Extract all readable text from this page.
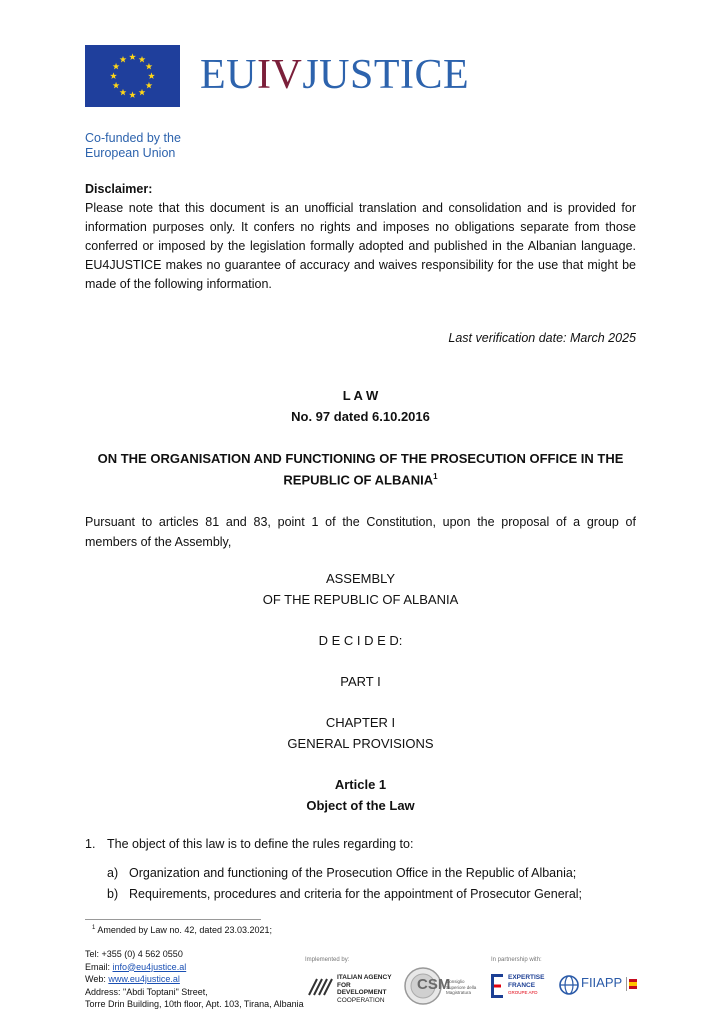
EUIVJUSTICE
Co-funded by the
European Union
Disclaimer:
Please note that this document is an unofficial translation and consolidation and is provided for information purposes only. It confers no rights and imposes no obligations separate from those conferred or imposed by the legislation formally adopted and published in the Albanian language. EU4JUSTICE makes no guarantee of accuracy and waives responsibility for the use that might be made of the following information.
Last verification date: March 2025
L A W
No. 97 dated 6.10.2016
ON THE ORGANISATION AND FUNCTIONING OF THE PROSECUTION OFFICE IN THE
REPUBLIC OF ALBANIA$^1$
Pursuant to articles 81 and 83, point 1 of the Constitution, upon the proposal of a group of members of the Assembly,
ASSEMBLY
OF THE REPUBLIC OF ALBANIA
D E C I D E D:
PART I
CHAPTER I
GENERAL PROVISIONS
Article 1
Object of the Law
1. The object of this law is to define the rules regarding to:
a) Organization and functioning of the Prosecution Office in the Republic of Albania;
b) Requirements, procedures and criteria for the appointment of Prosecutor General;
$^1$ Amended by Law no. 42, dated 23.03.2021;
Tel: +355 (0) 4 562 0550
Email: info@eu4justice.al
Web: www.eu4justice.al
Address: "Abdi Toptani" Street,
Torre Drin Building, 10th floor, Apt. 103, Tirana, Albania
Implemented by:	In partnership with:
ITALIAN AGENCY
FOR DEVELOPMENT
COOPERATION
CSM
Consiglio Superiore della Magistratura
EXPERTISE
FRANCE
GROUPE AFD
FIIAPP
